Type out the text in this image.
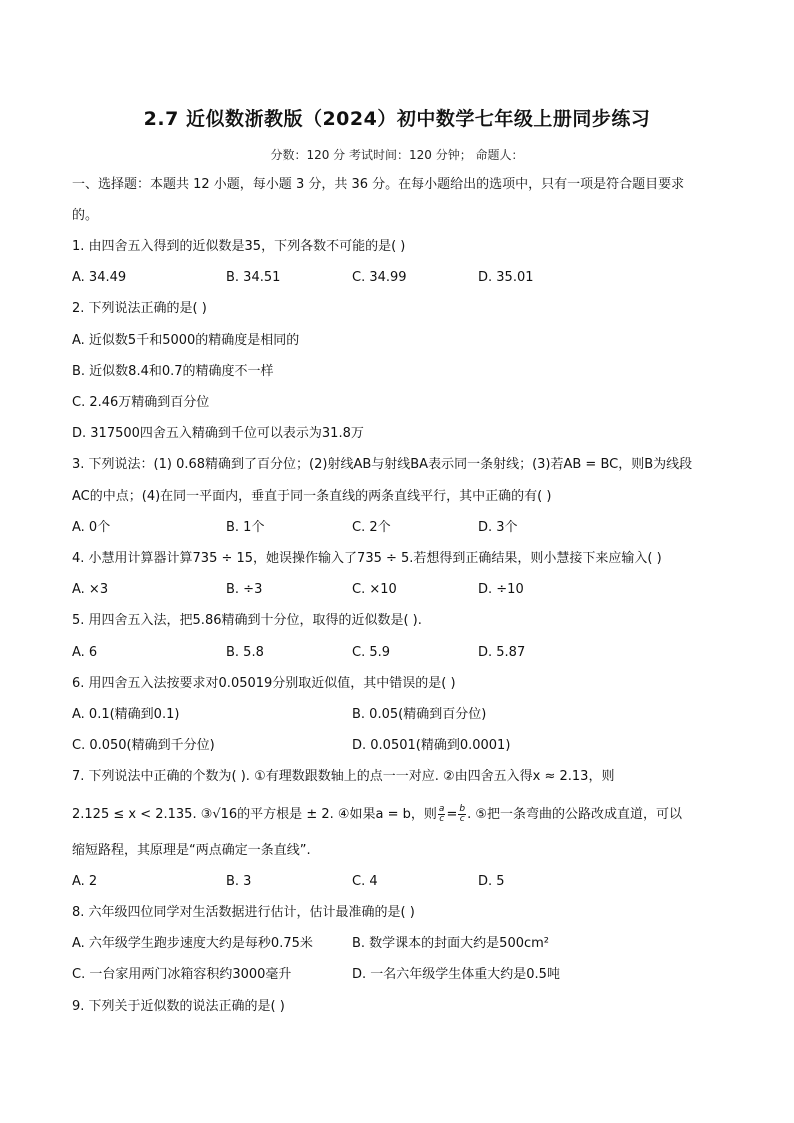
2.7 近似数浙教版（2024）初中数学七年级上册同步练习
分数：120 分 考试时间：120 分钟； 命题人：
一、选择题：本题共 12 小题，每小题 3 分，共 36 分。在每小题给出的选项中，只有一项是符合题目要求
的。
1. 由四舍五入得到的近似数是35，下列各数不可能的是( )
A. 34.49	B. 34.51	C. 34.99	D. 35.01
2. 下列说法正确的是( )
A. 近似数5千和5000的精确度是相同的
B. 近似数8.4和0.7的精确度不一样
C. 2.46万精确到百分位
D. 317500四舍五入精确到千位可以表示为31.8万
3. 下列说法：(1) 0.68精确到了百分位；(2)射线AB与射线BA表示同一条射线；(3)若AB = BC，则B为线段
AC的中点；(4)在同一平面内，垂直于同一条直线的两条直线平行，其中正确的有( )
A. 0个	B. 1个	C. 2个	D. 3个
4. 小慧用计算器计算735 ÷ 15，她误操作输入了735 ÷ 5.若想得到正确结果，则小慧接下来应输入( )
A. ×3	B. ÷3	C. ×10	D. ÷10
5. 用四舍五入法，把5.86精确到十分位，取得的近似数是( ).
A. 6	B. 5.8	C. 5.9	D. 5.87
6. 用四舍五入法按要求对0.05019分别取近似值，其中错误的是( )
A. 0.1(精确到0.1)	B. 0.05(精确到百分位)
C. 0.050(精确到千分位)	D. 0.0501(精确到0.0001)
7. 下列说法中正确的个数为( ). ①有理数跟数轴上的点一一对应. ②由四舍五入得x ≈ 2.13，则
2.125 ≤ x < 2.135. ③√16的平方根是 ± 2. ④如果a = b，则 $\frac{a}{c} = \frac{b}{c}$ . ⑤把一条弯曲的公路改成直道，可以
缩短路程，其原理是“两点确定一条直线”.
A. 2	B. 3	C. 4	D. 5
8. 六年级四位同学对生活数据进行估计，估计最准确的是( )
A. 六年级学生跑步速度大约是每秒0.75米	B. 数学课本的封面大约是500cm²
C. 一台家用两门冰箱容积约3000毫升	D. 一名六年级学生体重大约是0.5吨
9. 下列关于近似数的说法正确的是( )
